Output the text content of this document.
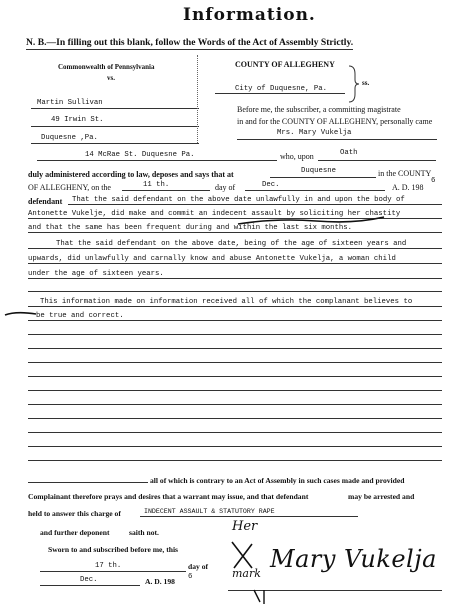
Information.
N. B.—In filling out this blank, follow the Words of the Act of Assembly Strictly.
Commonwealth of Pennsylvania
vs.
Martin Sullivan
49 Irwin St.
Duquesne ,Pa.
COUNTY OF ALLEGHENY
City of Duquesne, Pa.
ss.
Before me, the subscriber, a committing magistrate
in and for the COUNTY OF ALLEGHENY, personally came
Mrs. Mary Vukelja
14 McRae St. Duquesne Pa.	who, upon	Oath
duly administered according to law, deposes and says that at	Duquesne	in the COUNTY
OF ALLEGHENY, on the	11 th.	day of	Dec.	A. D. 198
6
defendant That the said defendant on the above date unlawfully in and upon the body of
Antonette Vukelje, did make and commit an indecent assault by soliciting her chastity
and that the same has been frequent during and within the last six months.
That the said defendant on the above date, being of the age of sixteen years and
upwards, did unlawfully and carnally know and abuse Antonette Vukelja, a woman child
under the age of sixteen years.
This information made on information received all of which the complanant believes to
be true and correct.
all of which is contrary to an Act of Assembly in such cases made and provided
Complainant therefore prays and desires that a warrant may issue, and that defendant	may be arrested and
held to answer this charge of	INDECENT ASSAULT & STATUTORY RAPE
and further deponent	saith not.	Her
Sworn to and subscribed before me, this
17 th.	day of
Dec.	A. D. 198 6	mark
Mary Vukelja
